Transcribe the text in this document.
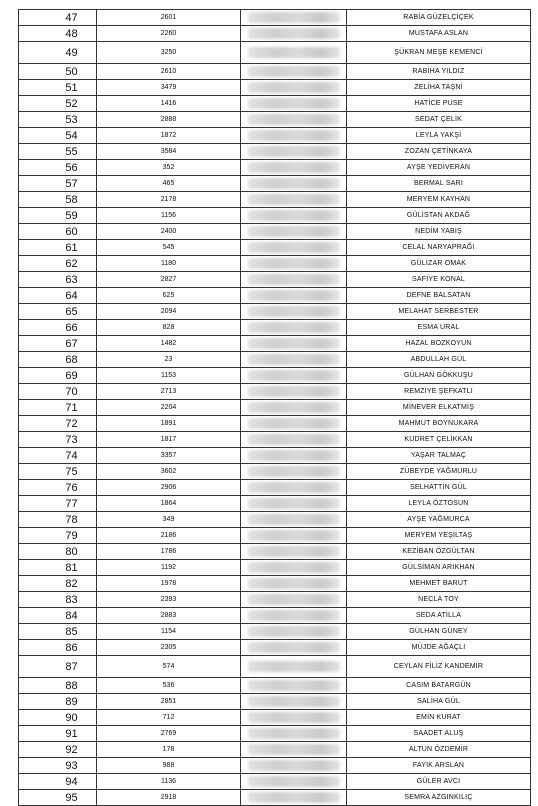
47	2601		RABİA GÜZELÇİÇEK
48	2260		MUSTAFA ASLAN
49	3250		ŞÜKRAN MEŞE KEMENCİ
50	2610		RABİHA YILDIZ
51	3479		ZELİHA TAŞNİ
52	1416		HATİCE PUSE
53	2888		SEDAT ÇELİK
54	1872		LEYLA YAKŞİ
55	3584		ZOZAN ÇETİNKAYA
56	352		AYŞE YEDİVERAN
57	465		BERMAL SARI
58	2178		MERYEM KAYHAN
59	1156		GÜLİSTAN AKDAĞ
60	2400		NEDİM YABIŞ
61	545		CELAL NARYAPRAĞI
62	1180		GÜLİZAR OMAK
63	2827		SAFİYE KONAL
64	625		DEFNE BALSATAN
65	2094		MELAHAT SERBESTER
66	828		ESMA URAL
67	1482		HAZAL BOZKOYUN
68	23		ABDULLAH GÜL
69	1153		GÜLHAN GÖKKUŞU
70	2713		REMZİYE ŞEFKATLI
71	2204		MİNEVER ELKATMIŞ
72	1891		MAHMUT BOYNUKARA
73	1817		KUDRET ÇELİKKAN
74	3357		YAŞAR TALMAÇ
75	3602		ZÜBEYDE YAĞMURLU
76	2906		SELHATTİN GÜL
77	1864		LEYLA ÖZTOSUN
78	349		AYŞE YAĞMURCA
79	2186		MERYEM YEŞİLTAŞ
80	1786		KEZİBAN ÖZGÜLTAN
81	1192		GÜLSİMAN ARIKHAN
82	1978		MEHMET BARUT
83	2393		NECLA TOY
84	2883		SEDA ATİLLA
85	1154		GÜLHAN GÜNEY
86	2305		MÜJDE AĞAÇLI
87	574		CEYLAN FİLİZ KANDEMİR
88	536		CASIM BATARGÜN
89	2851		SALİHA GÜL
90	712		EMİN KURAT
91	2769		SAADET ALUŞ
92	178		ALTUN ÖZDEMİR
93	988		FAYIK ARSLAN
94	1136		GÜLER AVCI
95	2918		SEMRA AZGINKILIÇ
